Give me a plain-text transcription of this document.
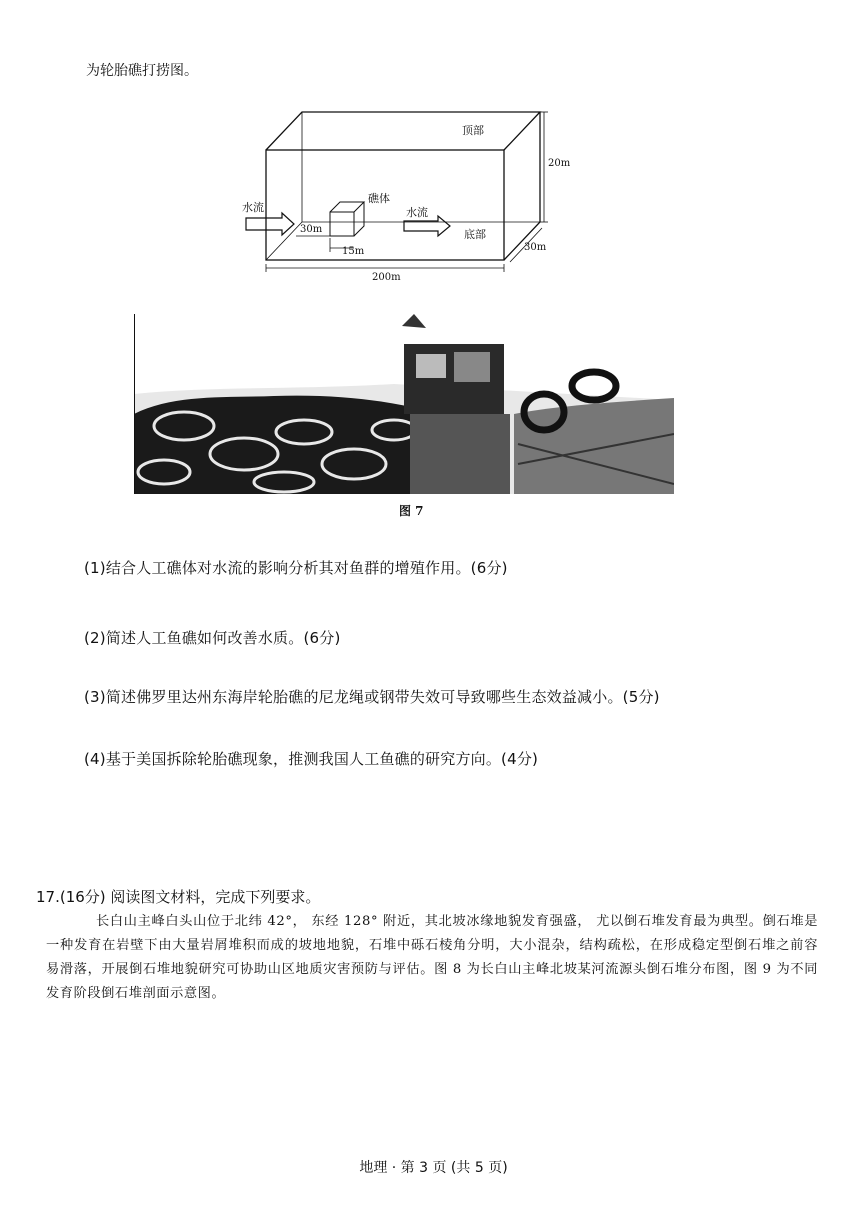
为轮胎礁打捞图。
顶部
20m
礁体
水流	水流
30m
15m
底部
30m
200m
图 7
(1)结合人工礁体对水流的影响分析其对鱼群的增殖作用。(6分)
(2)简述人工鱼礁如何改善水质。(6分)
(3)简述佛罗里达州东海岸轮胎礁的尼龙绳或钢带失效可导致哪些生态效益减小。(5分)
(4)基于美国拆除轮胎礁现象，推测我国人工鱼礁的研究方向。(4分)
17.(16分) 阅读图文材料，完成下列要求。
长白山主峰白头山位于北纬 42°， 东经 128° 附近，其北坡冰缘地貌发育强盛， 尤以倒石堆发育最为典型。倒石堆是一种发育在岩壁下由大量岩屑堆积而成的坡地地貌，石堆中砾石棱角分明，大小混杂，结构疏松，在形成稳定型倒石堆之前容易滑落，开展倒石堆地貌研究可协助山区地质灾害预防与评估。图 8 为长白山主峰北坡某河流源头倒石堆分布图，图 9 为不同发育阶段倒石堆剖面示意图。
地理 · 第 3 页 (共 5 页)
